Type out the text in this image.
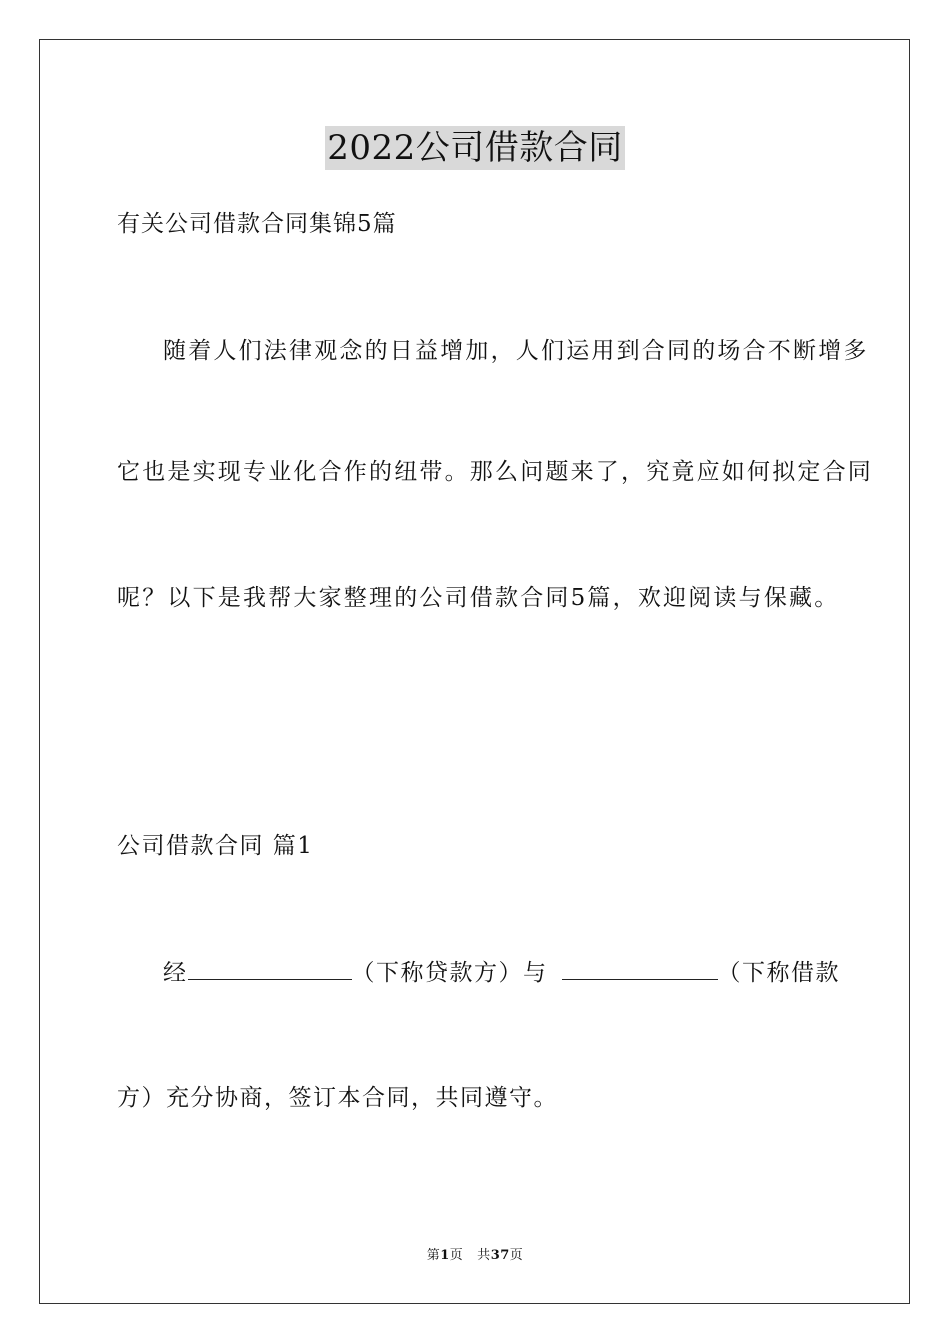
2022公司借款合同
有关公司借款合同集锦5篇
随着人们法律观念的日益增加，人们运用到合同的场合不断增多
它也是实现专业化合作的纽带。那么问题来了，究竟应如何拟定合同
呢？以下是我帮大家整理的公司借款合同5篇，欢迎阅读与保藏。
公司借款合同 篇1
经	（下称贷款方）与	（下称借款
方）充分协商，签订本合同，共同遵守。
第1页 共37页
